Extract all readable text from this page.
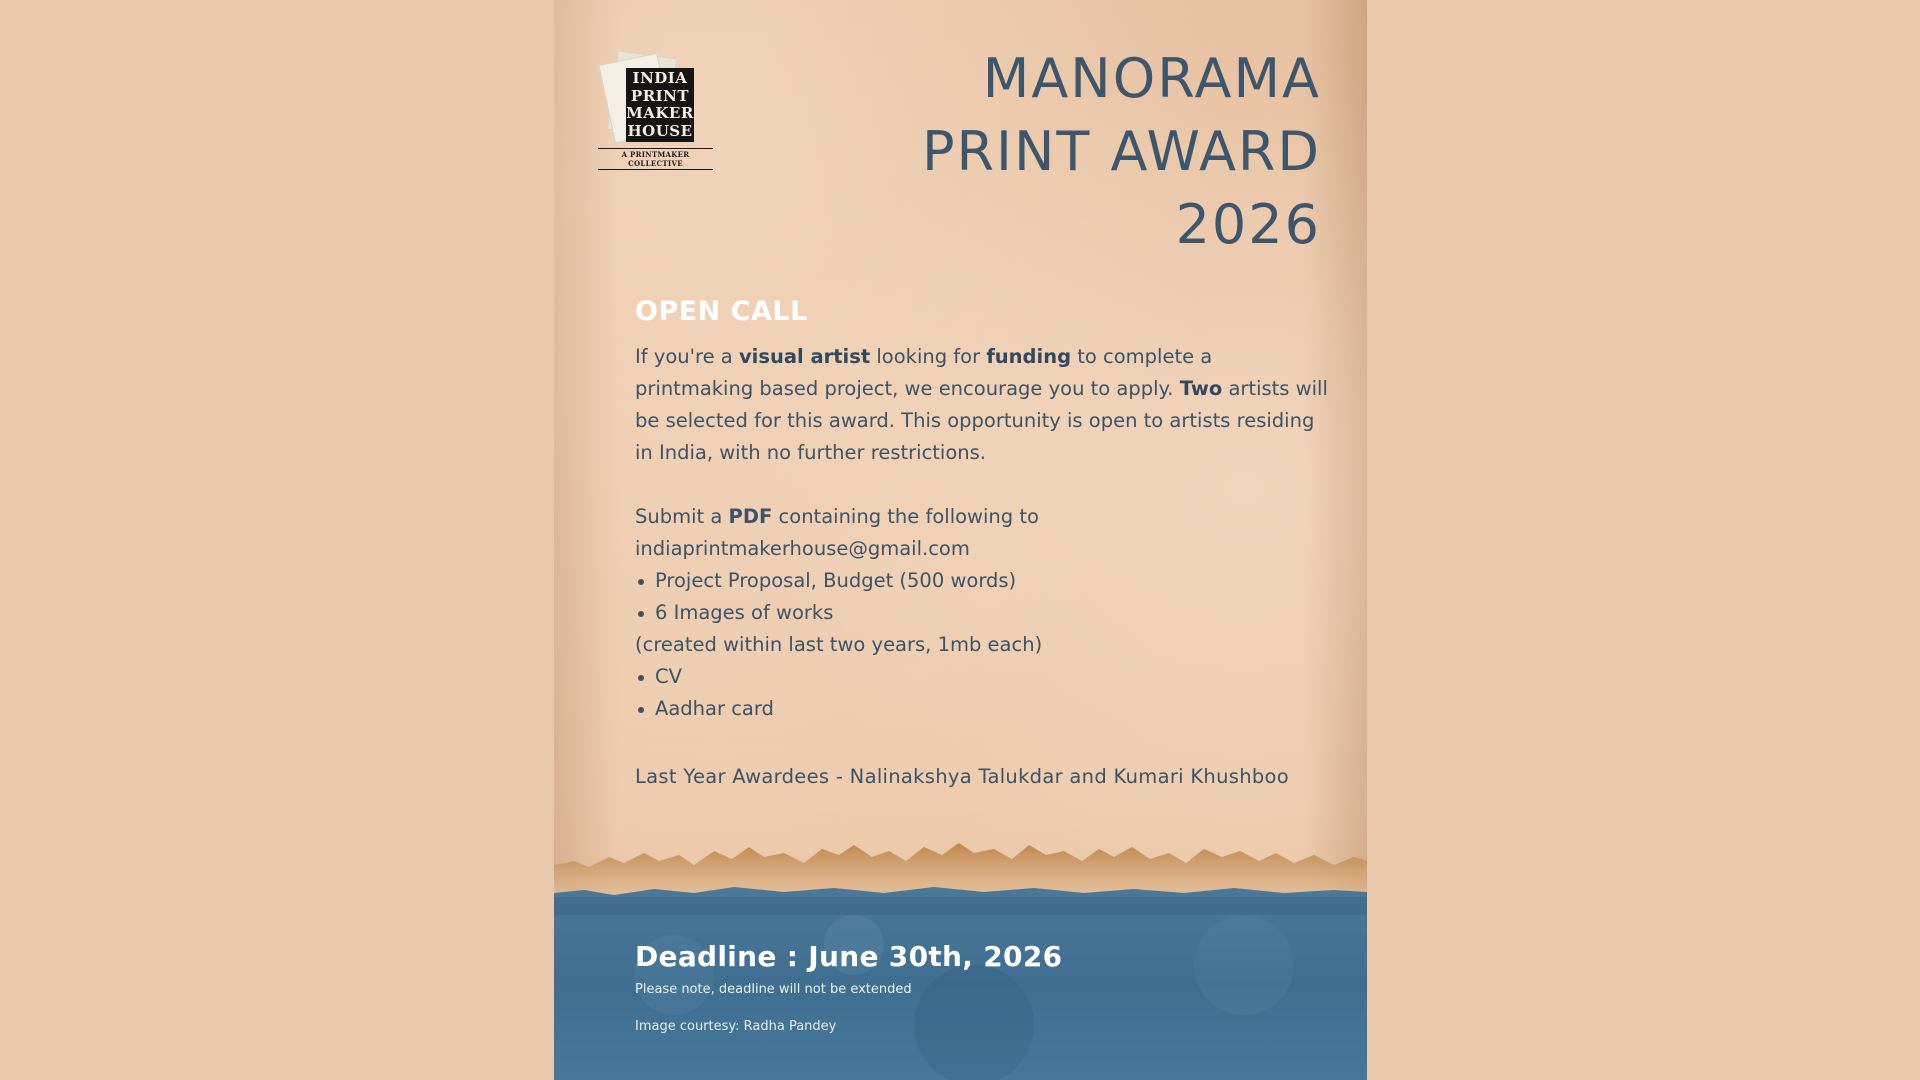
INDIA
PRINT
MAKER
HOUSE
A PRINTMAKER COLLECTIVE
MANORAMA
PRINT AWARD
2026
OPEN CALL

If you're a visual artist looking for funding to complete a printmaking based project, we encourage you to apply. Two artists will be selected for this award. This opportunity is open to artists residing in India, with no further restrictions.

Submit a PDF containing the following to

indiaprintmakerhouse@gmail.com

Project Proposal, Budget (500 words)
6 Images of works

(created within last two years, 1mb each)

CV
Aadhar card

Last Year Awardees - Nalinakshya Talukdar and Kumari Khushboo

Deadline : June 30th, 2026
Please note, deadline will not be extended
Image courtesy: Radha Pandey
